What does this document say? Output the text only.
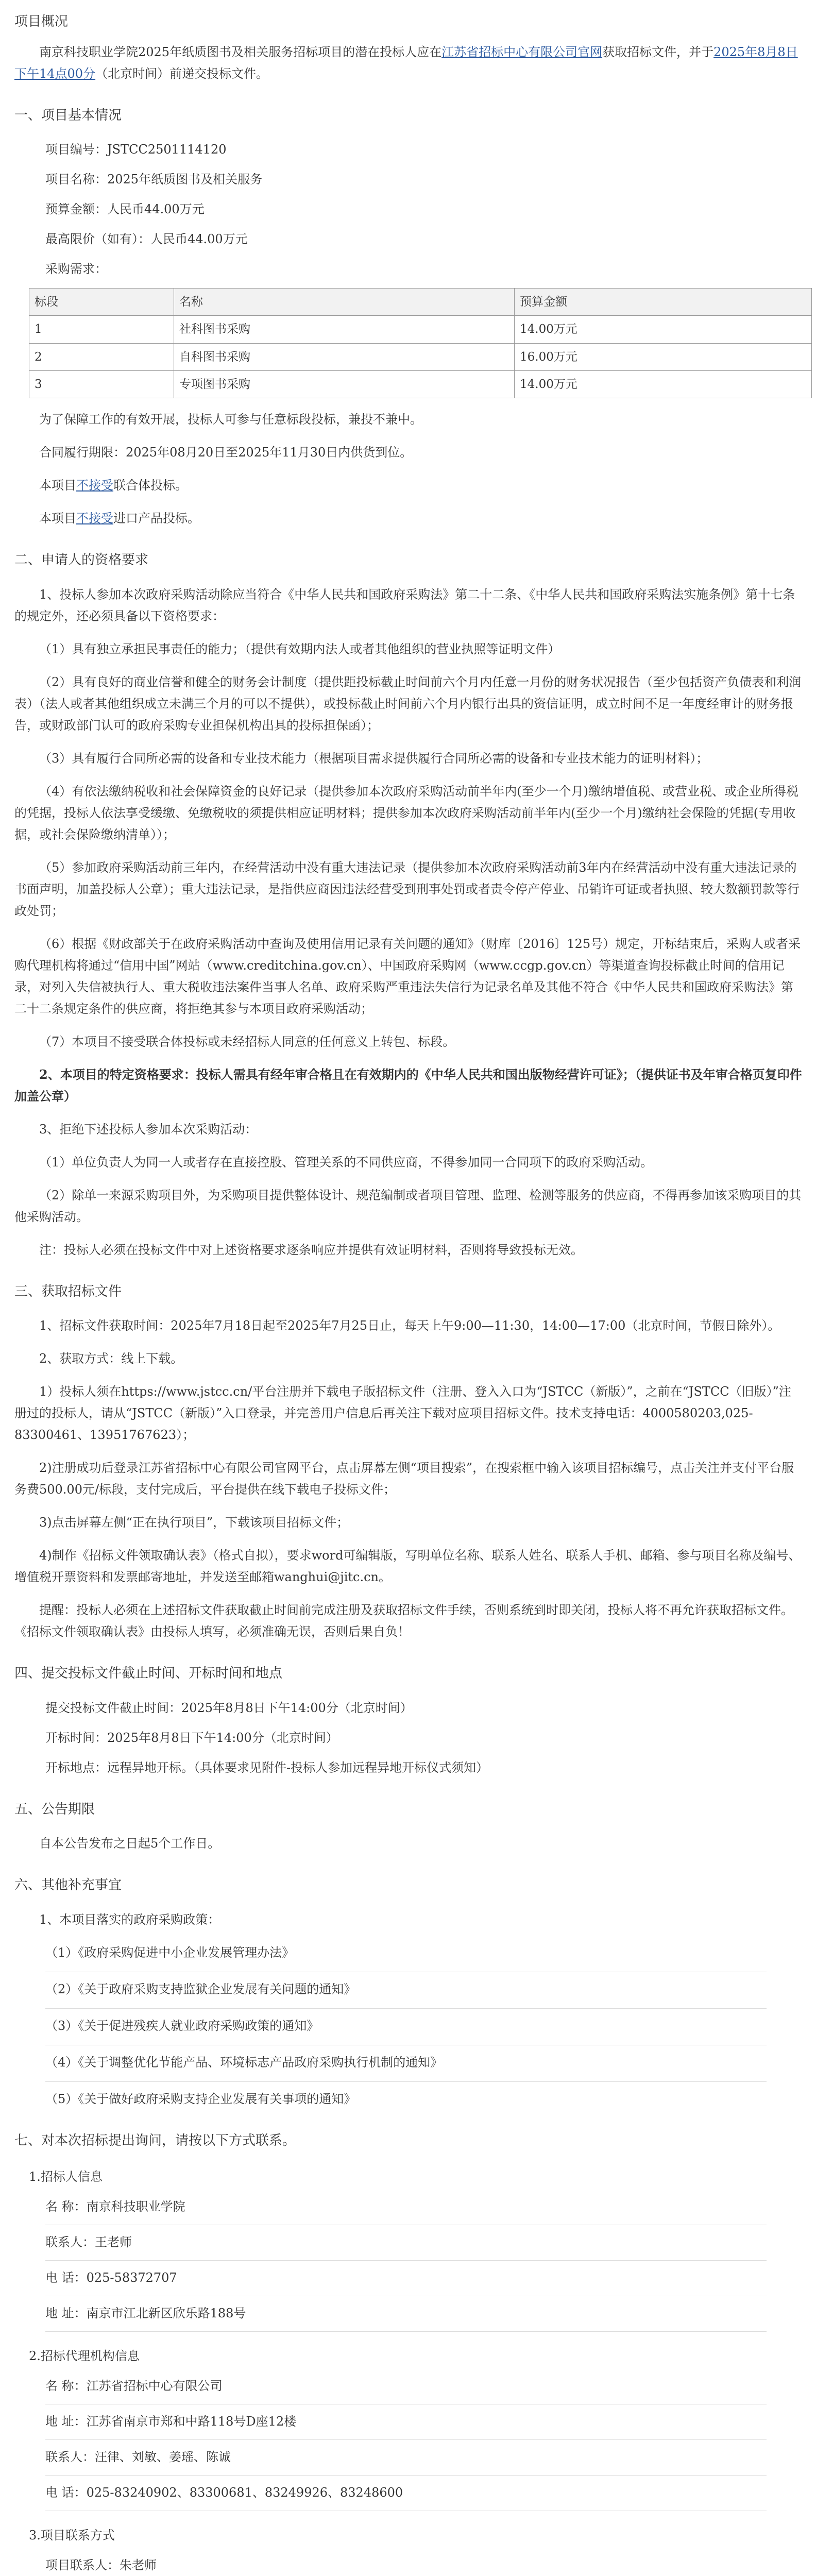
项目概况
南京科技职业学院2025年纸质图书及相关服务招标项目的潜在投标人应在江苏省招标中心有限公司官网获取招标文件，并于2025年8月8日下午14点00分（北京时间）前递交投标文件。
一、项目基本情况
项目编号：JSTCC2501114120
项目名称：2025年纸质图书及相关服务
预算金额：人民币44.00万元
最高限价（如有）：人民币44.00万元
采购需求：
标段	名称	预算金额
1	社科图书采购	14.00万元
2	自科图书采购	16.00万元
3	专项图书采购	14.00万元
为了保障工作的有效开展，投标人可参与任意标段投标，兼投不兼中。
合同履行期限：2025年08月20日至2025年11月30日内供货到位。
本项目不接受联合体投标。
本项目不接受进口产品投标。
二、申请人的资格要求
1、投标人参加本次政府采购活动除应当符合《中华人民共和国政府采购法》第二十二条、《中华人民共和国政府采购法实施条例》第十七条的规定外，还必须具备以下资格要求：
（1）具有独立承担民事责任的能力；（提供有效期内法人或者其他组织的营业执照等证明文件）
（2）具有良好的商业信誉和健全的财务会计制度（提供距投标截止时间前六个月内任意一月份的财务状况报告（至少包括资产负债表和利润表）（法人或者其他组织成立未满三个月的可以不提供），或投标截止时间前六个月内银行出具的资信证明，成立时间不足一年度经审计的财务报告，或财政部门认可的政府采购专业担保机构出具的投标担保函）；
（3）具有履行合同所必需的设备和专业技术能力（根据项目需求提供履行合同所必需的设备和专业技术能力的证明材料）；
（4）有依法缴纳税收和社会保障资金的良好记录（提供参加本次政府采购活动前半年内(至少一个月)缴纳增值税、或营业税、或企业所得税的凭据，投标人依法享受缓缴、免缴税收的须提供相应证明材料；提供参加本次政府采购活动前半年内(至少一个月)缴纳社会保险的凭据(专用收据，或社会保险缴纳清单））；
（5）参加政府采购活动前三年内，在经营活动中没有重大违法记录（提供参加本次政府采购活动前3年内在经营活动中没有重大违法记录的书面声明，加盖投标人公章）；重大违法记录，是指供应商因违法经营受到刑事处罚或者责令停产停业、吊销许可证或者执照、较大数额罚款等行政处罚；
（6）根据《财政部关于在政府采购活动中查询及使用信用记录有关问题的通知》（财库〔2016〕125号）规定，开标结束后，采购人或者采购代理机构将通过“信用中国”网站（www.creditchina.gov.cn）、中国政府采购网（www.ccgp.gov.cn）等渠道查询投标截止时间的信用记录，对列入失信被执行人、重大税收违法案件当事人名单、政府采购严重违法失信行为记录名单及其他不符合《中华人民共和国政府采购法》第二十二条规定条件的供应商，将拒绝其参与本项目政府采购活动；
（7）本项目不接受联合体投标或未经招标人同意的任何意义上转包、标段。
2、本项目的特定资格要求：投标人需具有经年审合格且在有效期内的《中华人民共和国出版物经营许可证》；（提供证书及年审合格页复印件加盖公章）
3、拒绝下述投标人参加本次采购活动：
（1）单位负责人为同一人或者存在直接控股、管理关系的不同供应商，不得参加同一合同项下的政府采购活动。
（2）除单一来源采购项目外，为采购项目提供整体设计、规范编制或者项目管理、监理、检测等服务的供应商，不得再参加该采购项目的其他采购活动。
注：投标人必须在投标文件中对上述资格要求逐条响应并提供有效证明材料，否则将导致投标无效。
三、获取招标文件
1、招标文件获取时间：2025年7月18日起至2025年7月25日止，每天上午9:00—11:30，14:00—17:00（北京时间，节假日除外）。
2、获取方式：线上下载。
1）投标人须在https://www.jstcc.cn/平台注册并下载电子版招标文件（注册、登入入口为“JSTCC（新版）”，之前在“JSTCC（旧版）”注册过的投标人，请从“JSTCC（新版）”入口登录，并完善用户信息后再关注下载对应项目招标文件。技术支持电话：4000580203,025-83300461、13951767623）；
2)注册成功后登录江苏省招标中心有限公司官网平台，点击屏幕左侧“项目搜索”，在搜索框中输入该项目招标编号，点击关注并支付平台服务费500.00元/标段，支付完成后，平台提供在线下载电子投标文件；
3)点击屏幕左侧“正在执行项目”，下载该项目招标文件；
4)制作《招标文件领取确认表》（格式自拟），要求word可编辑版，写明单位名称、联系人姓名、联系人手机、邮箱、参与项目名称及编号、增值税开票资料和发票邮寄地址，并发送至邮箱wanghui@jitc.cn。
提醒：投标人必须在上述招标文件获取截止时间前完成注册及获取招标文件手续，否则系统到时即关闭，投标人将不再允许获取招标文件。《招标文件领取确认表》由投标人填写，必须准确无误，否则后果自负！
四、提交投标文件截止时间、开标时间和地点
提交投标文件截止时间：2025年8月8日下午14:00分（北京时间）
开标时间：2025年8月8日下午14:00分（北京时间）
开标地点：远程异地开标。（具体要求见附件-投标人参加远程异地开标仪式须知）
五、公告期限
自本公告发布之日起5个工作日。
六、其他补充事宜
1、本项目落实的政府采购政策：
（1）《政府采购促进中小企业发展管理办法》
（2）《关于政府采购支持监狱企业发展有关问题的通知》
（3）《关于促进残疾人就业政府采购政策的通知》
（4）《关于调整优化节能产品、环境标志产品政府采购执行机制的通知》
（5）《关于做好政府采购支持企业发展有关事项的通知》
七、对本次招标提出询问，请按以下方式联系。
1.招标人信息
名 称：南京科技职业学院
联系人：王老师
电 话：025-58372707
地 址：南京市江北新区欣乐路188号
2.招标代理机构信息
名 称：江苏省招标中心有限公司
地 址：江苏省南京市郑和中路118号D座12楼
联系人：汪律、刘敏、姜瑶、陈诚
电 话：025-83240902、83300681、83249926、83248600
3.项目联系方式
项目联系人：朱老师
